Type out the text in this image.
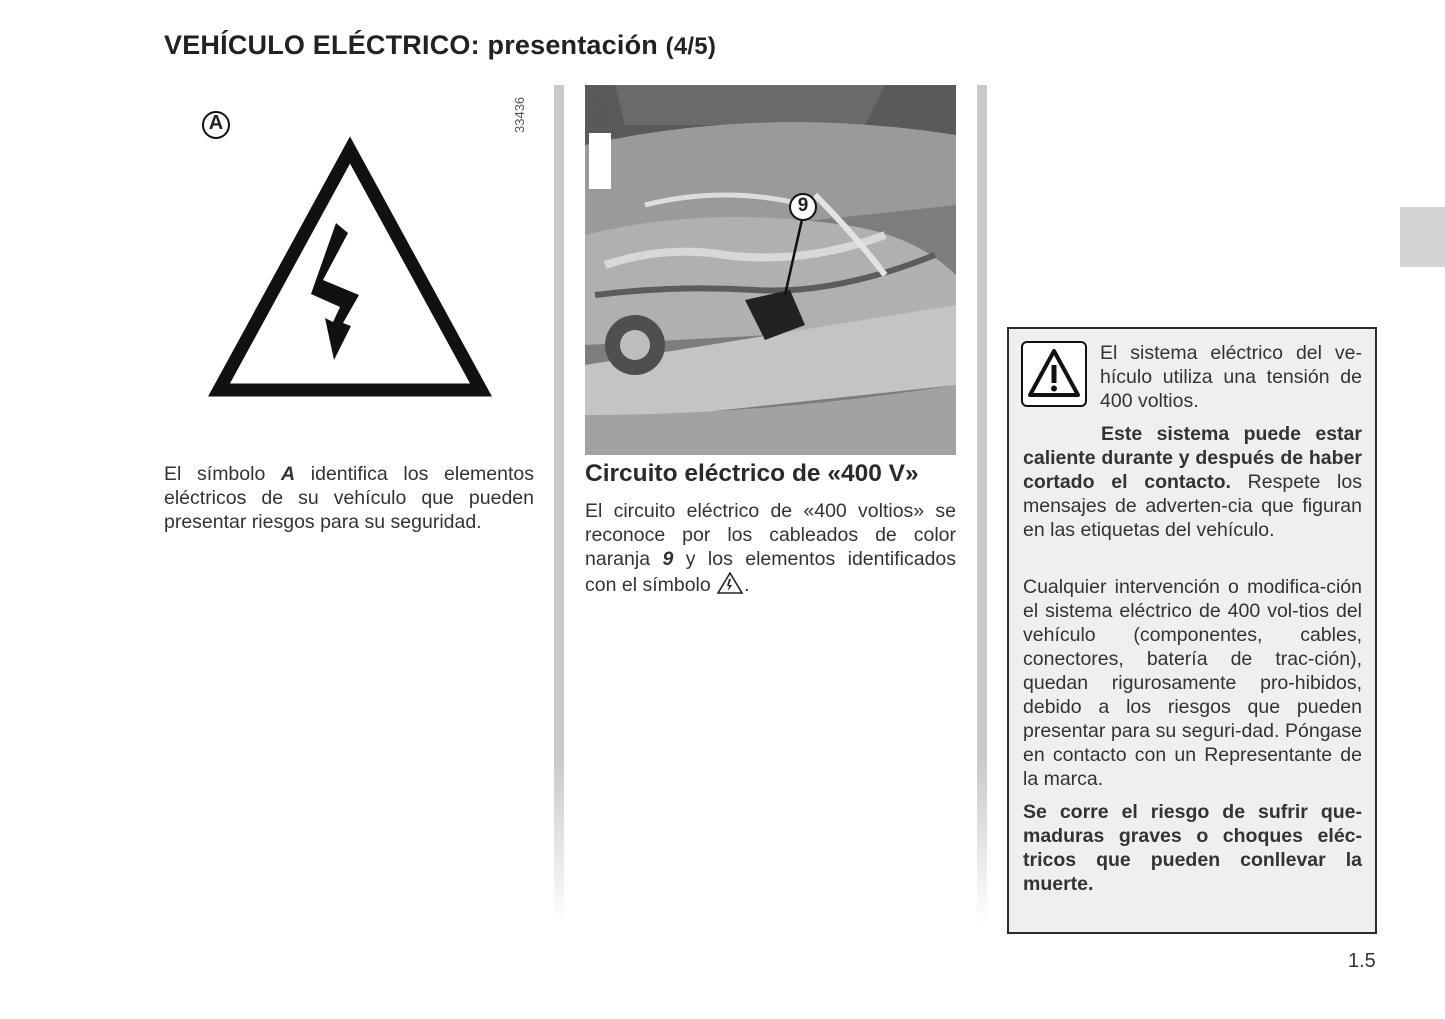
VEHÍCULO ELÉCTRICO: presentación (4/5)
A	33436
El símbolo A identifica los elementos eléctricos de su vehículo que pueden presentar riesgos para su seguridad.
9
53159
Circuito eléctrico de «400 V»
El circuito eléctrico de «400 voltios» se reconoce por los cableados de color naranja 9 y los elementos identificados con el símbolo .
El sistema eléctrico del ve-hículo utiliza una tensión de 400 voltios.
Este sistema puede estar caliente durante y después de haber cortado el contacto. Respete los mensajes de adverten-cia que figuran en las etiquetas del vehículo.
Cualquier intervención o modifica-ción el sistema eléctrico de 400 vol-tios del vehículo (componentes, cables, conectores, batería de trac-ción), quedan rigurosamente pro-hibidos, debido a los riesgos que pueden presentar para su seguri-dad. Póngase en contacto con un Representante de la marca.
Se corre el riesgo de sufrir que-maduras graves o choques eléc-tricos que pueden conllevar la muerte.
1.5
